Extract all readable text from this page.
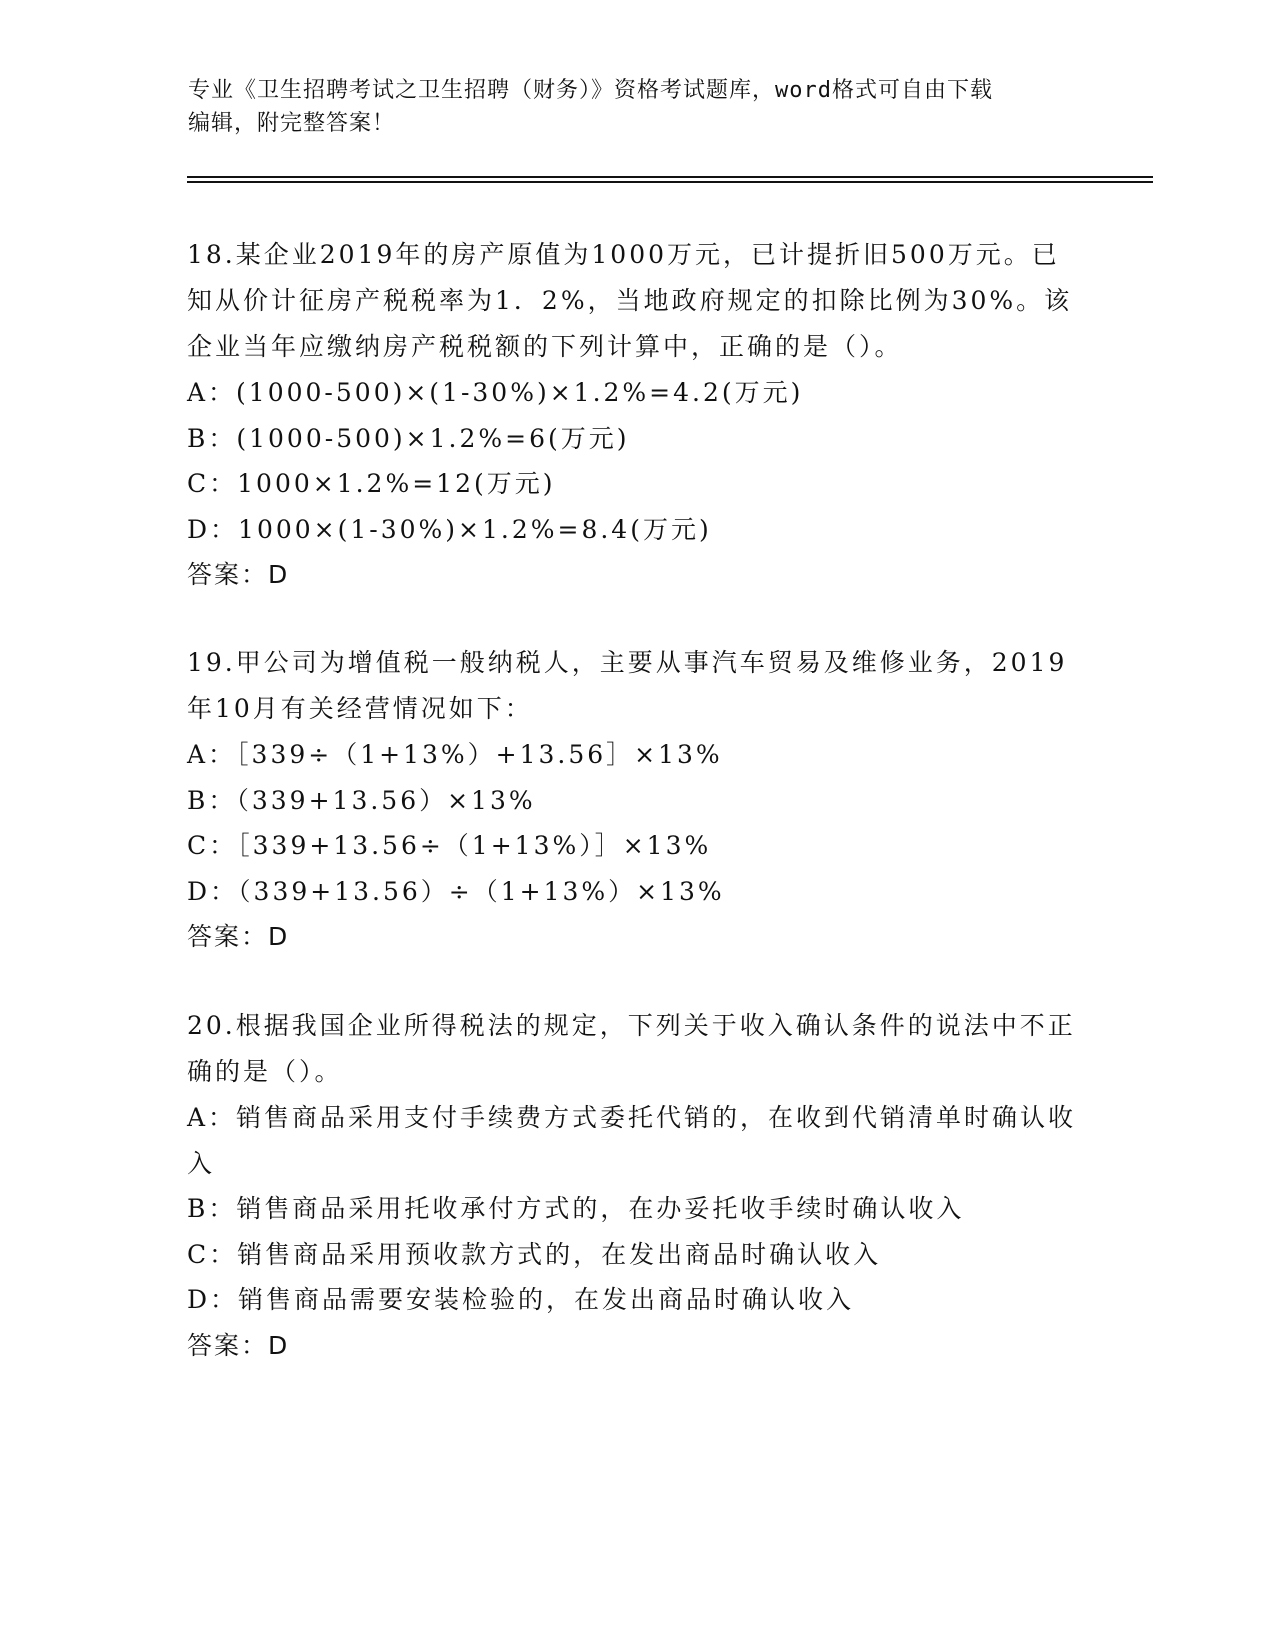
专业《卫生招聘考试之卫生招聘（财务）》资格考试题库，word格式可自由下载
编辑，附完整答案！
18.某企业2019年的房产原值为1000万元，已计提折旧500万元。已知从价计征房产税税率为1．2%，当地政府规定的扣除比例为30%。该企业当年应缴纳房产税税额的下列计算中，正确的是（）。
A：(1000-500)×(1-30%)×1.2%=4.2(万元)
B：(1000-500)×1.2%=6(万元)
C：1000×1.2%=12(万元)
D：1000×(1-30%)×1.2%=8.4(万元)
答案：D
19.甲公司为增值税一般纳税人，主要从事汽车贸易及维修业务，2019年10月有关经营情况如下：
A：［339÷（1+13%）+13.56］×13%
B：（339+13.56）×13%
C：［339+13.56÷（1+13%）］×13%
D：（339+13.56）÷（1+13%）×13%
答案：D
20.根据我国企业所得税法的规定，下列关于收入确认条件的说法中不正确的是（）。
A：销售商品采用支付手续费方式委托代销的，在收到代销清单时确认收入
B：销售商品采用托收承付方式的，在办妥托收手续时确认收入
C：销售商品采用预收款方式的，在发出商品时确认收入
D：销售商品需要安装检验的，在发出商品时确认收入
答案：D
